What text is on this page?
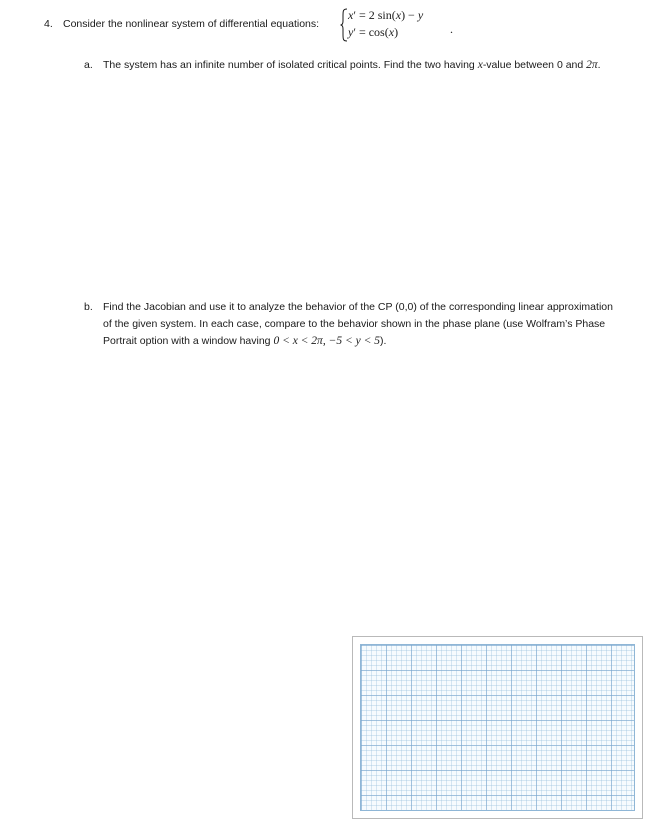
4. Consider the nonlinear system of differential equations:
x′ = 2 sin(x) − y
y′ = cos(x)	.
a. The system has an infinite number of isolated critical points. Find the two having x-value between 0 and 2π.
b. Find the Jacobian and use it to analyze the behavior of the CP (0,0) of the corresponding linear approximation of the given system. In each case, compare to the behavior shown in the phase plane (use Wolfram’s Phase Portrait option with a window having 0 < x < 2π, −5 < y < 5).
